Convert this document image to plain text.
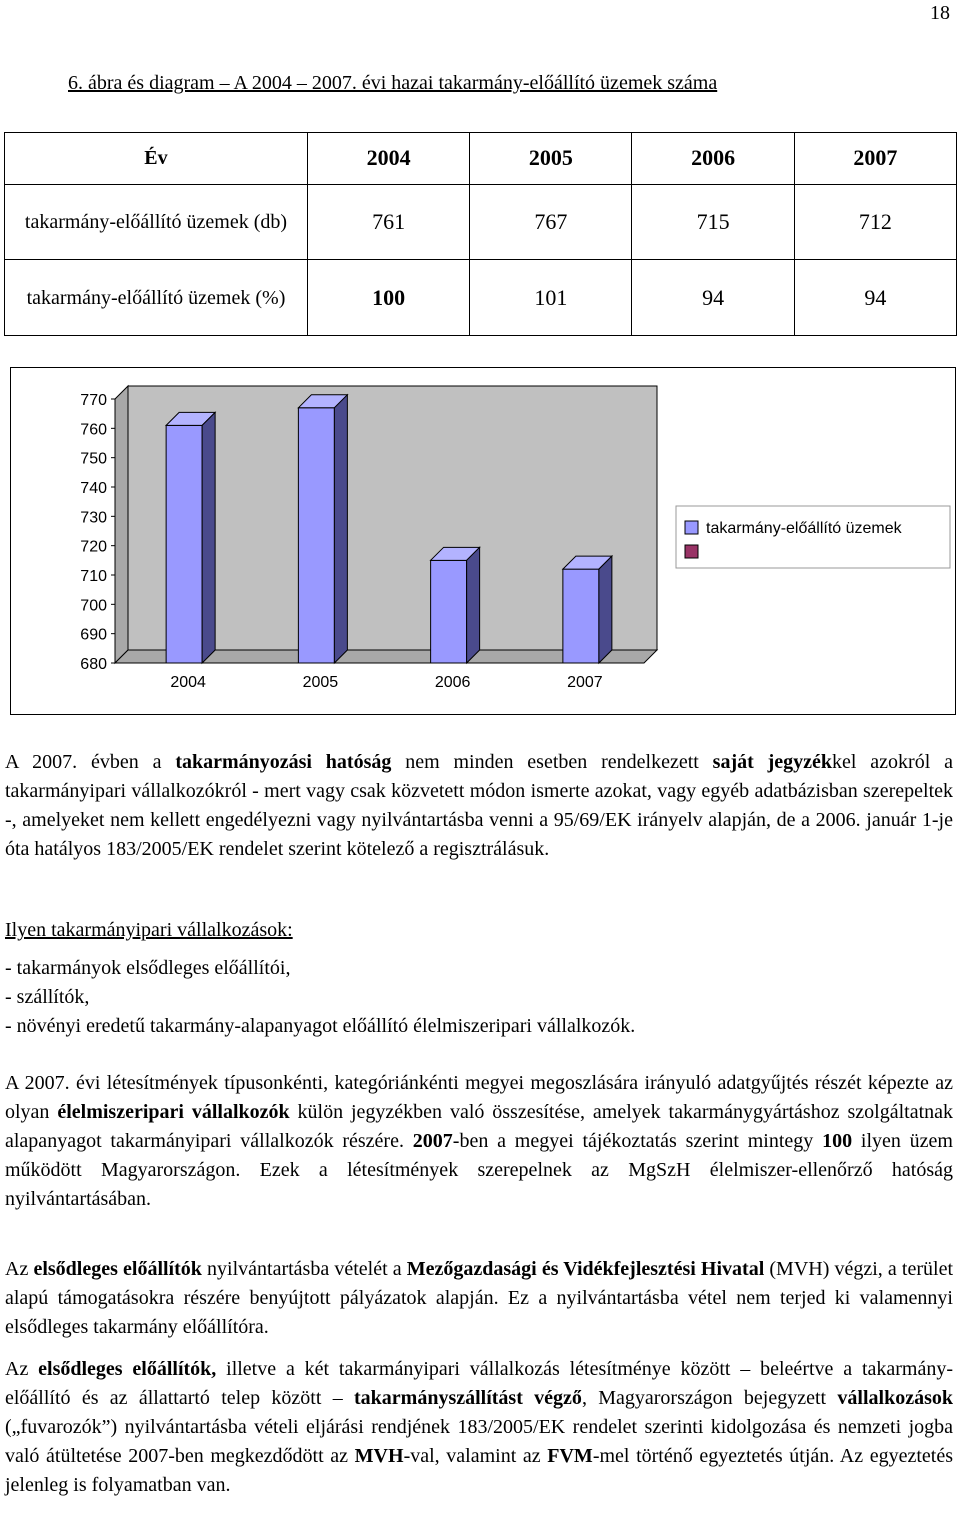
18
6. ábra és diagram – A 2004 – 2007. évi hazai takarmány-előállító üzemek száma
Év	2004	2005	2006	2007
takarmány-előállító üzemek (db)	761	767	715	712
takarmány-előállító üzemek (%)	100	101	94	94
770
760
750
740
730
720
710
700
690
680
2004	2005	2006	2007
takarmány-előállító üzemek

A 2007. évben a takarmányozási hatóság nem minden esetben rendelkezett saját jegyzékkel azokról a takarmányipari vállalkozókról - mert vagy csak közvetett módon ismerte azokat, vagy egyéb adatbázisban szerepeltek -, amelyeket nem kellett engedélyezni vagy nyilvántartásba venni a 95/69/EK irányelv alapján, de a 2006. január 1-je óta hatályos 183/2005/EK rendelet szerint kötelező a regisztrálásuk.

Ilyen takarmányipari vállalkozások:

- takarmányok elsődleges előállítói,

- szállítók,

- növényi eredetű takarmány-alapanyagot előállító élelmiszeripari vállalkozók.

A 2007. évi létesítmények típusonkénti, kategóriánkénti megyei megoszlására irányuló adatgyűjtés részét képezte az olyan élelmiszeripari vállalkozók külön jegyzékben való összesítése, amelyek takarmánygyártáshoz szolgáltatnak alapanyagot takarmányipari vállalkozók részére. 2007-ben a megyei tájékoztatás szerint mintegy 100 ilyen üzem működött Magyarországon. Ezek a létesítmények szerepelnek az MgSzH élelmiszer-ellenőrző hatóság nyilvántartásában.

Az elsődleges előállítók nyilvántartásba vételét a Mezőgazdasági és Vidékfejlesztési Hivatal (MVH) végzi, a terület alapú támogatásokra részére benyújtott pályázatok alapján. Ez a nyilvántartásba vétel nem terjed ki valamennyi elsődleges takarmány előállítóra.

Az elsődleges előállítók, illetve a két takarmányipari vállalkozás létesítménye között – beleértve a takarmány-előállító és az állattartó telep között – takarmányszállítást végző, Magyarországon bejegyzett vállalkozások („fuvarozók”) nyilvántartásba vételi eljárási rendjének 183/2005/EK rendelet szerinti kidolgozása és nemzeti jogba való átültetése 2007-ben megkezdődött az MVH-val, valamint az FVM-mel történő egyeztetés útján. Az egyeztetés jelenleg is folyamatban van.
